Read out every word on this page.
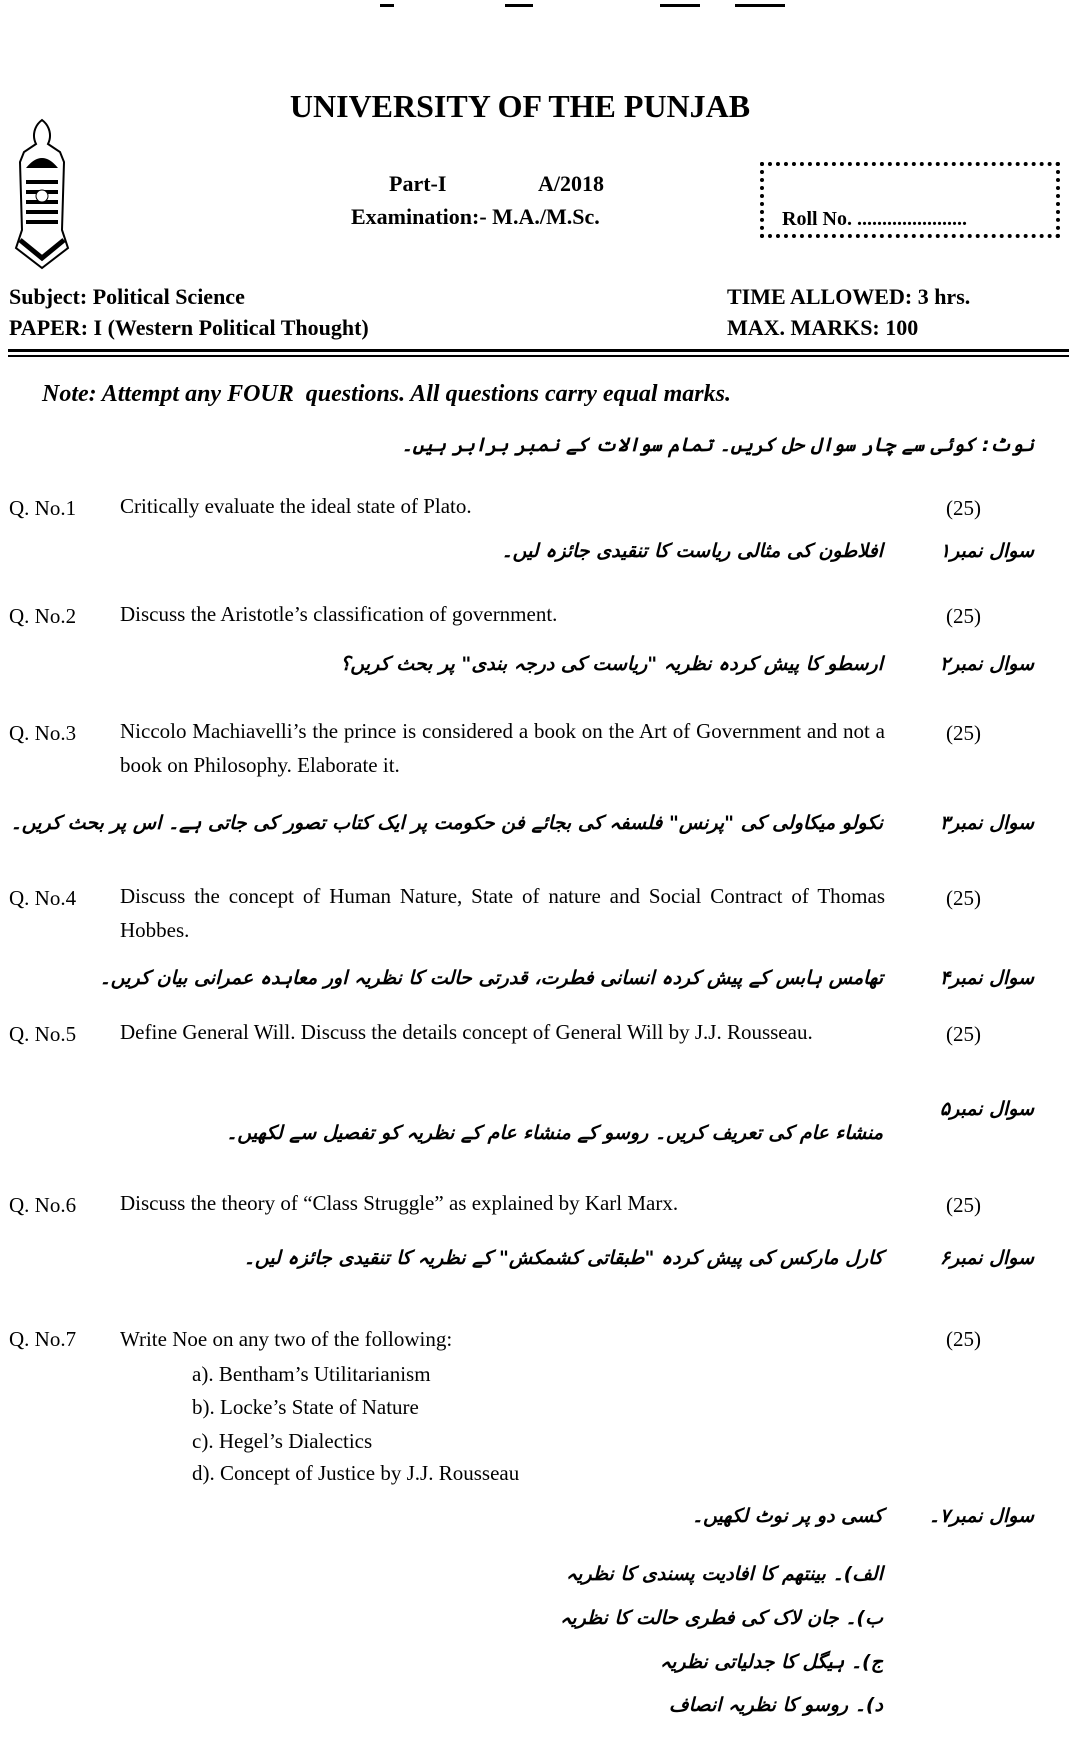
UNIVERSITY OF THE PUNJAB
Part-I	A/2018
Examination:- M.A./M.Sc.	Roll No. ......................
Subject: Political Science
PAPER: I (Western Political Thought)
TIME ALLOWED: 3 hrs.
MAX. MARKS: 100
Note: Attempt any FOUR  questions. All questions carry equal marks.
نوٹ: کوئی سے چار سوال حل کریں۔ تمام سوالات کے نمبر برابر ہیں۔
Q. No.1 Critically evaluate the ideal state of Plato.	(25)
سوال نمبر۱
افلاطون کی مثالی ریاست کا تنقیدی جائزہ لیں۔
Q. No.2 Discuss the Aristotle’s classification of government.	(25)
سوال نمبر۲
ارسطو کا پیش کردہ نظریہ "ریاست کی درجہ بندی" پر بحث کریں؟
Q. No.3 Niccolo Machiavelli’s the prince is considered a book on the Art of Government and not a book on Philosophy. Elaborate it.
(25)
سوال نمبر۳
نکولو میکاولی کی "پرنس" فلسفہ کی بجائے فن حکومت پر ایک کتاب تصور کی جاتی ہے۔ اس پر بحث کریں۔
Q. No.4 Discuss the concept of Human Nature, State of nature and Social Contract of Thomas Hobbes.
(25)
سوال نمبر۴
تھامس ہابس کے پیش کردہ انسانی فطرت، قدرتی حالت کا نظریہ اور معاہدہ عمرانی بیان کریں۔
Q. No.5 Define General Will. Discuss the details concept of General Will by J.J. Rousseau.	(25)
سوال نمبر۵
منشاء عام کی تعریف کریں۔ روسو کے منشاء عام کے نظریہ کو تفصیل سے لکھیں۔
Q. No.6 Discuss the theory of “Class Struggle” as explained by Karl Marx.	(25)
سوال نمبر۶
کارل مارکس کی پیش کردہ "طبقاتی کشمکش" کے نظریہ کا تنقیدی جائزہ لیں۔
Q. No.7 Write Noe on any two of the following:	(25)
a). Bentham’s Utilitarianism
b). Locke’s State of Nature
c). Hegel’s Dialectics
d). Concept of Justice by J.J. Rousseau
سوال نمبر۷۔
کسی دو پر نوٹ لکھیں۔
الف)۔ بینتھم کا افادیت پسندی کا نظریہ
ب)۔ جان لاک کی فطری حالت کا نظریہ
ج)۔ ہیگل کا جدلیاتی نظریہ
د)۔ روسو کا نظریہ انصاف
